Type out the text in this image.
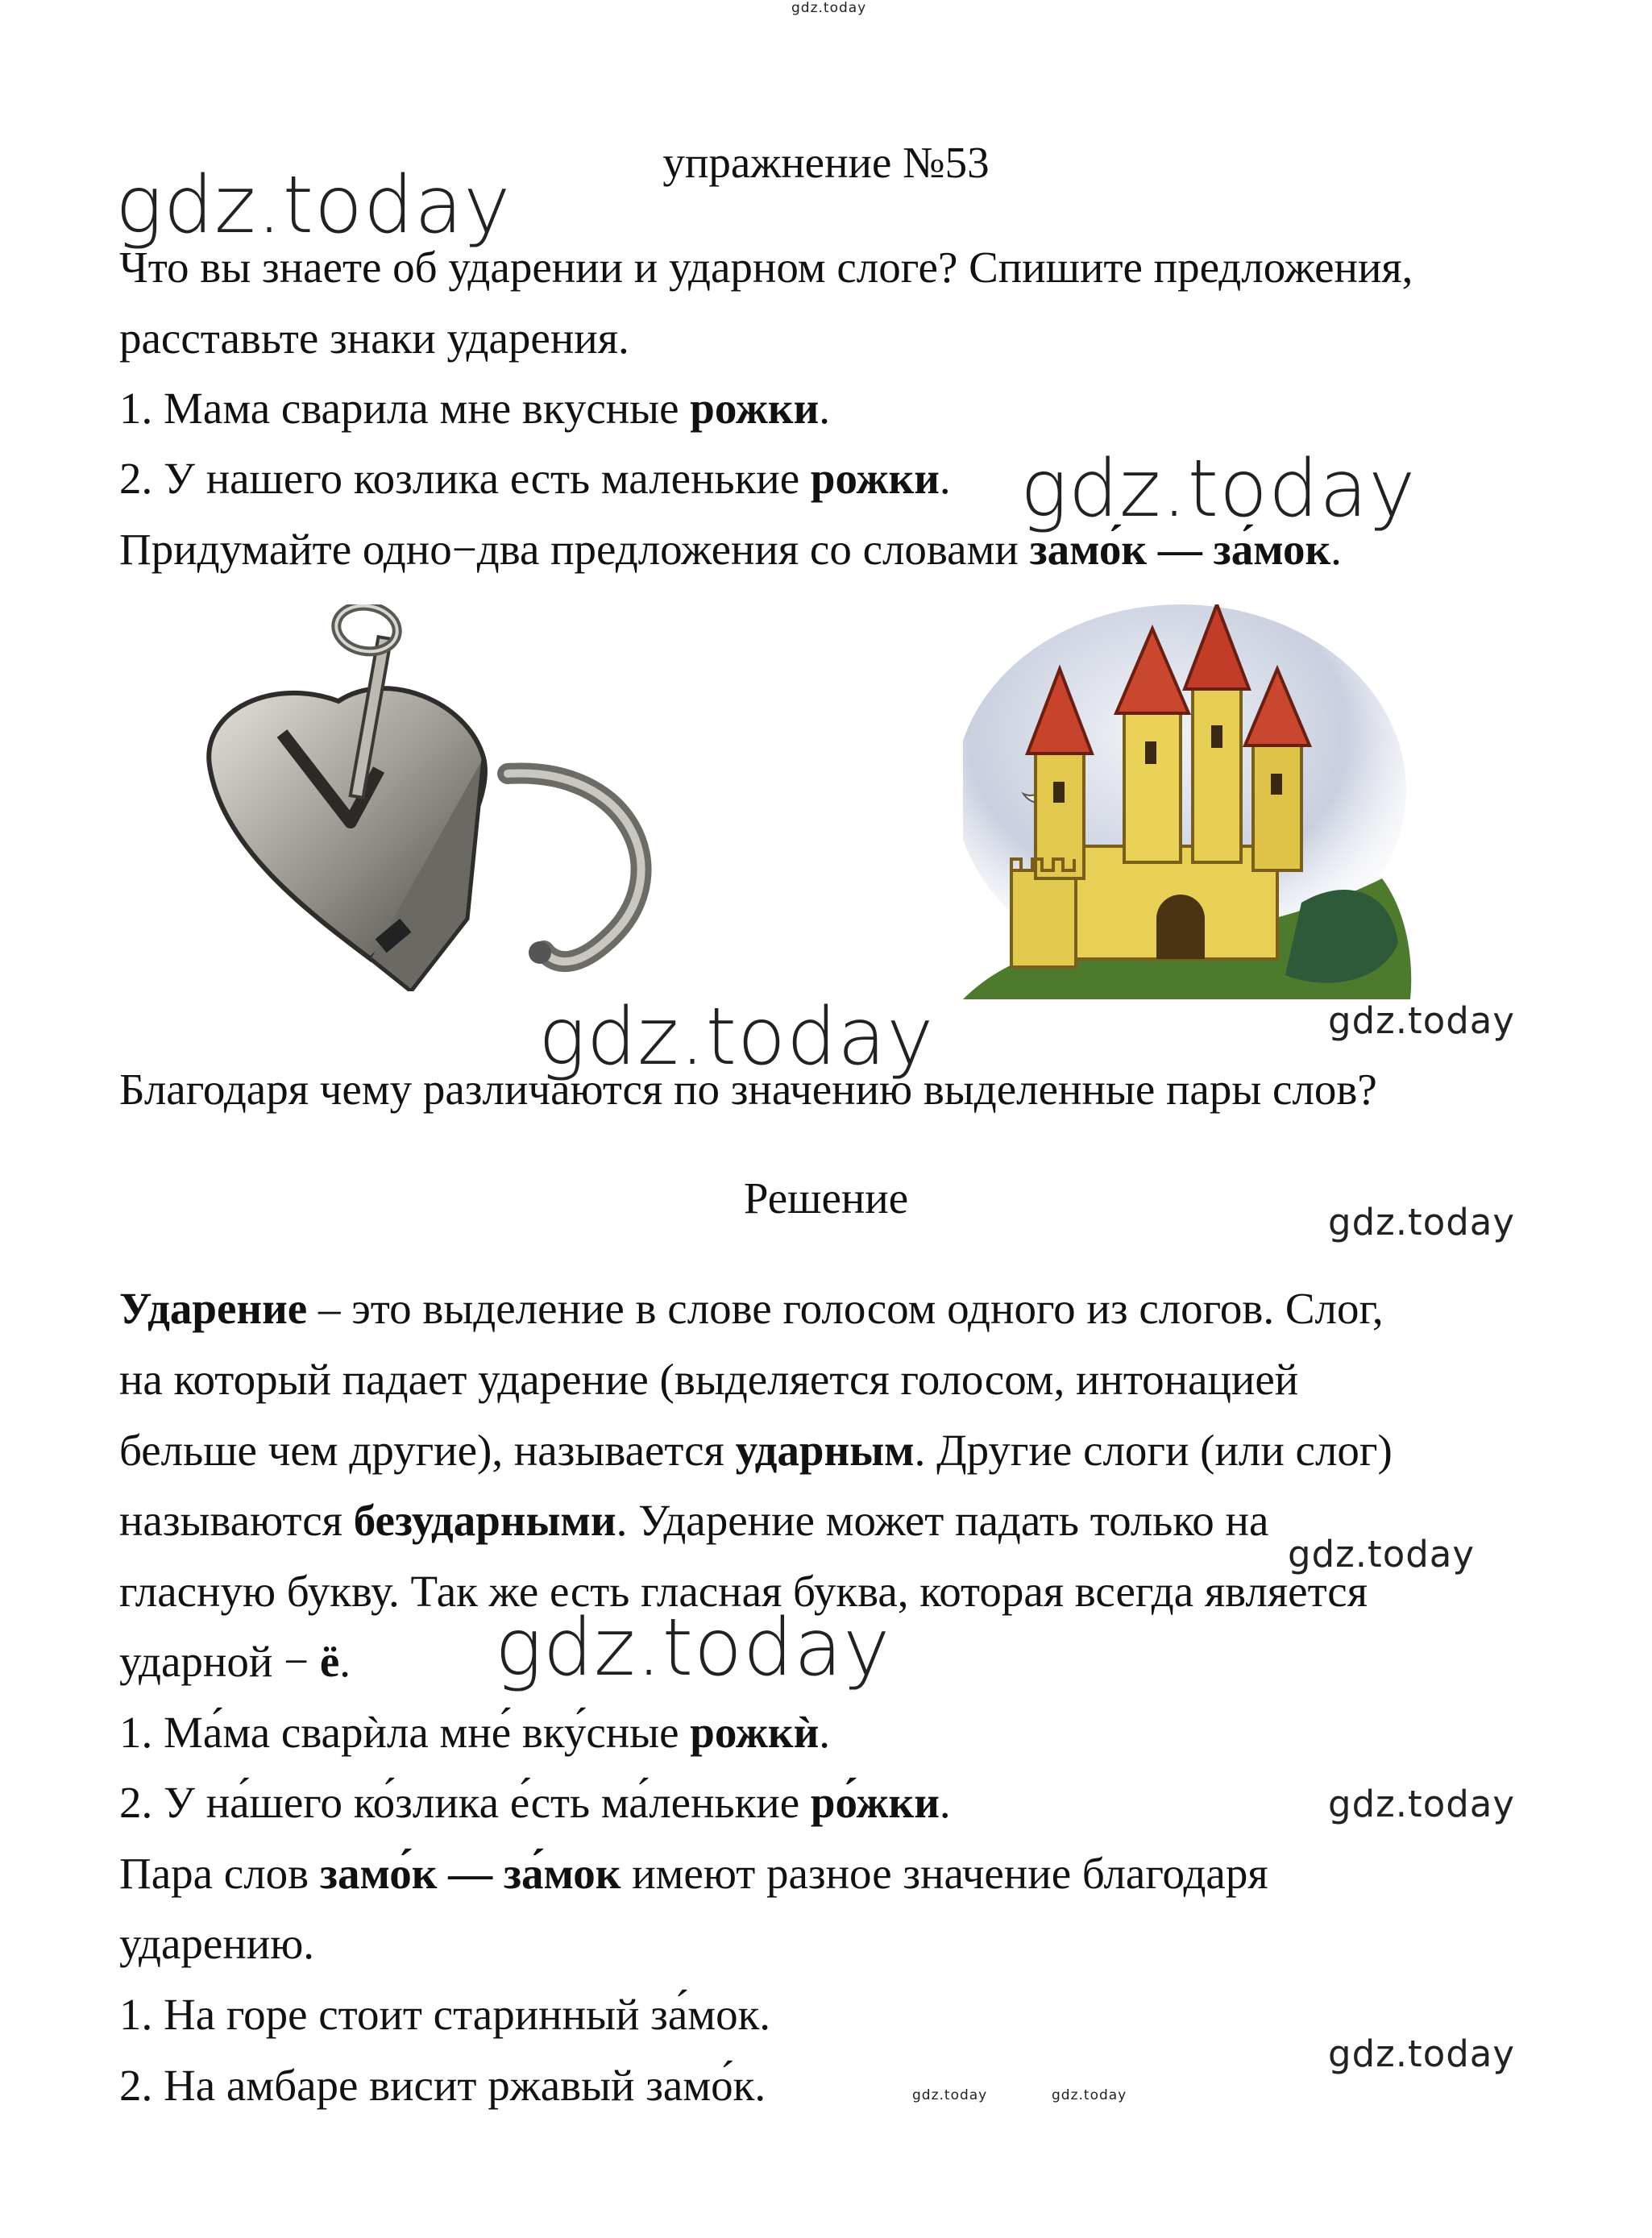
gdz.today
gdz.today
gdz.today
gdz.today	gdz.today
gdz.today
gdz.today
gdz.today
gdz.today
gdz.today
gdz.today	gdz.today
упражнение №53

Что вы знаете об ударении и ударном слоге? Спишите предложения,

расставьте знаки ударения.

1. Мама сварила мне вкусные рожки.

2. У нашего козлика есть маленькие рожки.

Придумайте одно−два предложения со словами замо́к — за́мок.

Благодаря чему различаются по значению выделенные пары слов?

Решение

Ударение – это выделение в слове голосом одного из слогов. Слог,

на который падает ударение (выделяется голосом, интонацией

бельше чем другие), называется ударным. Другие слоги (или слог)

называются безударными. Ударение может падать только на

гласную букву. Так же есть гласная буква, которая всегда является

ударной − ё.

1. Ма́ма сварѝла мне́ вку́сные рожкѝ.

2. У на́шего ко́злика е́сть ма́ленькие ро́жки.

Пара слов замо́к — за́мок имеют разное значение благодаря

ударению.

1. На горе стоит старинный за́мок.

2. На амбаре висит ржавый замо́к.
